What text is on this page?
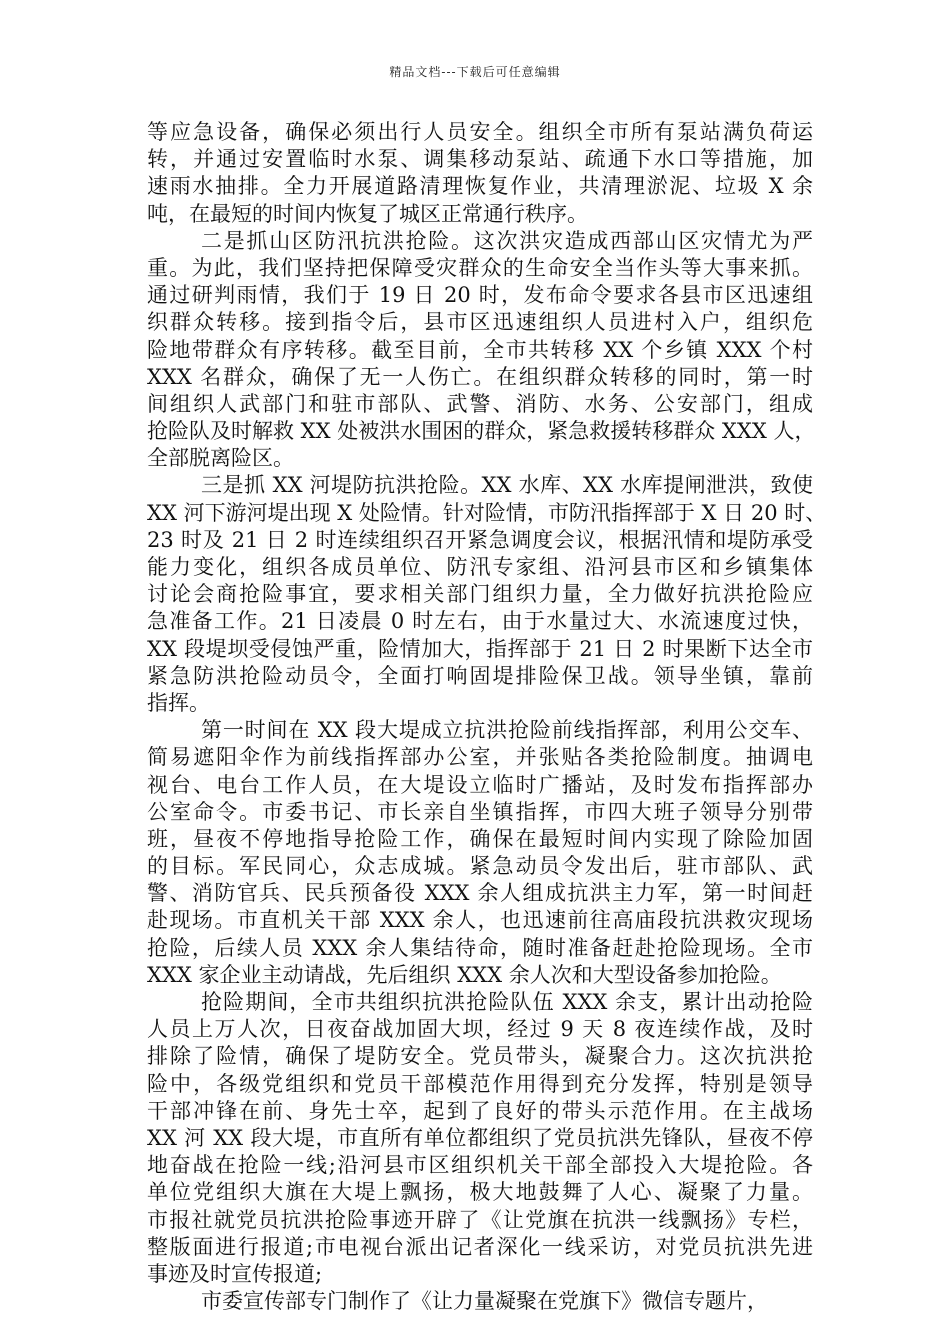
精品文档---下载后可任意编辑
等应急设备，确保必须出行人员安全。组织全市所有泵站满负荷运
转，并通过安置临时水泵、调集移动泵站、疏通下水口等措施，加
速雨水抽排。全力开展道路清理恢复作业，共清理淤泥、垃圾 X 余
吨，在最短的时间内恢复了城区正常通行秩序。
二是抓山区防汛抗洪抢险。这次洪灾造成西部山区灾情尤为严
重。为此，我们坚持把保障受灾群众的生命安全当作头等大事来抓。
通过研判雨情，我们于 19 日 20 时，发布命令要求各县市区迅速组
织群众转移。接到指令后，县市区迅速组织人员进村入户，组织危
险地带群众有序转移。截至目前，全市共转移 XX 个乡镇 XXX 个村
XXX 名群众，确保了无一人伤亡。在组织群众转移的同时，第一时
间组织人武部门和驻市部队、武警、消防、水务、公安部门，组成
抢险队及时解救 XX 处被洪水围困的群众，紧急救援转移群众 XXX 人，
全部脱离险区。
三是抓 XX 河堤防抗洪抢险。XX 水库、XX 水库提闸泄洪，致使
XX 河下游河堤出现 X 处险情。针对险情，市防汛指挥部于 X 日 20 时、
23 时及 21 日 2 时连续组织召开紧急调度会议，根据汛情和堤防承受
能力变化，组织各成员单位、防汛专家组、沿河县市区和乡镇集体
讨论会商抢险事宜，要求相关部门组织力量，全力做好抗洪抢险应
急准备工作。21 日凌晨 0 时左右，由于水量过大、水流速度过快，
XX 段堤坝受侵蚀严重，险情加大，指挥部于 21 日 2 时果断下达全市
紧急防洪抢险动员令，全面打响固堤排险保卫战。领导坐镇，靠前
指挥。
第一时间在 XX 段大堤成立抗洪抢险前线指挥部，利用公交车、
简易遮阳伞作为前线指挥部办公室，并张贴各类抢险制度。抽调电
视台、电台工作人员，在大堤设立临时广播站，及时发布指挥部办
公室命令。市委书记、市长亲自坐镇指挥，市四大班子领导分别带
班，昼夜不停地指导抢险工作，确保在最短时间内实现了除险加固
的目标。军民同心，众志成城。紧急动员令发出后，驻市部队、武
警、消防官兵、民兵预备役 XXX 余人组成抗洪主力军，第一时间赶
赴现场。市直机关干部 XXX 余人，也迅速前往高庙段抗洪救灾现场
抢险，后续人员 XXX 余人集结待命，随时准备赶赴抢险现场。全市
XXX 家企业主动请战，先后组织 XXX 余人次和大型设备参加抢险。
抢险期间，全市共组织抗洪抢险队伍 XXX 余支，累计出动抢险
人员上万人次，日夜奋战加固大坝，经过 9 天 8 夜连续作战，及时
排除了险情，确保了堤防安全。党员带头，凝聚合力。这次抗洪抢
险中，各级党组织和党员干部模范作用得到充分发挥，特别是领导
干部冲锋在前、身先士卒，起到了良好的带头示范作用。在主战场
XX 河 XX 段大堤，市直所有单位都组织了党员抗洪先锋队，昼夜不停
地奋战在抢险一线;沿河县市区组织机关干部全部投入大堤抢险。各
单位党组织大旗在大堤上飘扬，极大地鼓舞了人心、凝聚了力量。
市报社就党员抗洪抢险事迹开辟了《让党旗在抗洪一线飘扬》专栏，
整版面进行报道;市电视台派出记者深化一线采访，对党员抗洪先进
事迹及时宣传报道;
市委宣传部专门制作了《让力量凝聚在党旗下》微信专题片，
